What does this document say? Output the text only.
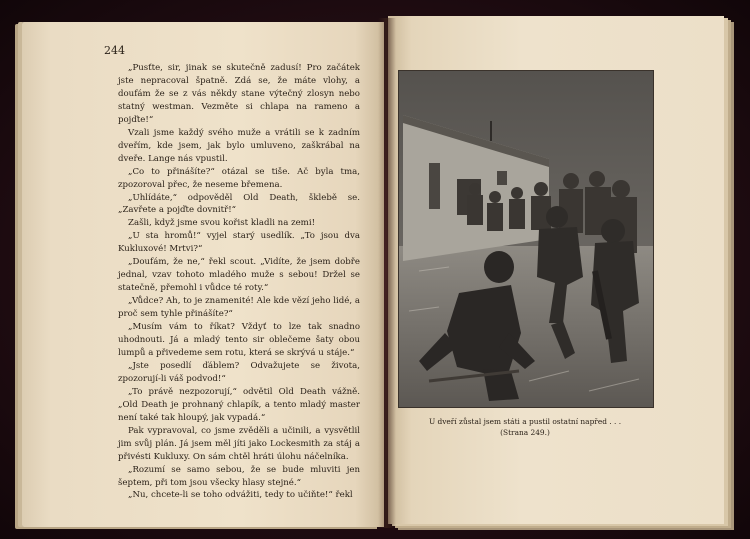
244

„Pusťte, sir, jinak se skutečně zadusí! Pro začátek jste nepracoval špatně. Zdá se, že máte vlohy, a doufám že se z vás někdy stane výtečný zlosyn nebo statný westman. Vezměte si chlapa na rameno a pojďte!“

Vzali jsme každý svého muže a vrátili se k zadním dveřím, kde jsem, jak bylo umluveno, zaškrábal na dveře. Lange nás vpustil.

„Co to přinášíte?“ otázal se tiše. Ač byla tma, zpozoroval přec, že neseme břemena.

„Uhlídáte,“ odpověděl Old Death, šklebě se. „Zavřete a pojďte dovnitř!“

Zašli, když jsme svou kořist kladli na zemi!

„U sta hromů!“ vyjel starý usedlík. „To jsou dva Kukluxové! Mrtvi?“

„Doufám, že ne,“ řekl scout. „Vidíte, že jsem dobře jednal, vzav tohoto mladého muže s sebou! Držel se statečně, přemohl i vůdce té roty.“

„Vůdce? Ah, to je znamenité! Ale kde vězí jeho lidé, a proč sem tyhle přinášíte?“

„Musím vám to říkat? Vždyť to lze tak snadno uhodnouti. Já a mladý tento sir oblečeme šaty obou lumpů a přivedeme sem rotu, která se skrývá u stáje.“

„Jste posedlí ďáblem? Odvažujete se života, zpozorují-li váš podvod!“

„To právě nezpozorují,“ odvětil Old Death vážně. „Old Death je prohnaný chlapík, a tento mladý master není také tak hloupý, jak vypadá.“

Pak vypravoval, co jsme zvěděli a učinili, a vysvětlil jim svůj plán. Já jsem měl jíti jako Lockesmith za stáj a přivésti Kukluxy. On sám chtěl hráti úlohu náčelníka.

„Rozumí se samo sebou, že se bude mluviti jen šeptem, při tom jsou všecky hlasy stejné.“

„Nu, chcete-li se toho odvážiti, tedy to učiňte!“ řekl

U dveří zůstal jsem státi a pustil ostatní napřed . . .
(Strana 249.)
